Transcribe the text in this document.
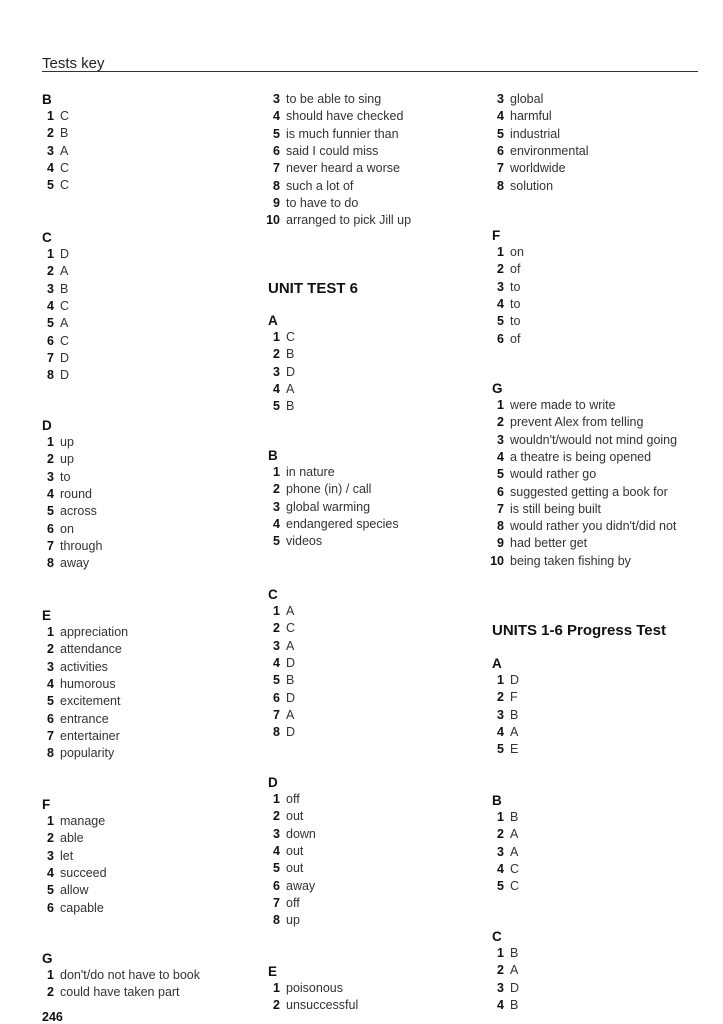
Tests key
B
1 C
2 B
3 A
4 C
5 C
C
1 D
2 A
3 B
4 C
5 A
6 C
7 D
8 D
D
1 up
2 up
3 to
4 round
5 across
6 on
7 through
8 away
E
1 appreciation
2 attendance
3 activities
4 humorous
5 excitement
6 entrance
7 entertainer
8 popularity
F
1 manage
2 able
3 let
4 succeed
5 allow
6 capable
G
1 don't/do not have to book
2 could have taken part
3 to be able to sing
4 should have checked
5 is much funnier than
6 said I could miss
7 never heard a worse
8 such a lot of
9 to have to do
10 arranged to pick Jill up
UNIT TEST 6
A
1 C
2 B
3 D
4 A
5 B
B
1 in nature
2 phone (in) / call
3 global warming
4 endangered species
5 videos
C
1 A
2 C
3 A
4 D
5 B
6 D
7 A
8 D
D
1 off
2 out
3 down
4 out
5 out
6 away
7 off
8 up
E
1 poisonous
2 unsuccessful
3 global
4 harmful
5 industrial
6 environmental
7 worldwide
8 solution
F
1 on
2 of
3 to
4 to
5 to
6 of
G
1 were made to write
2 prevent Alex from telling
3 wouldn't/would not mind going
4 a theatre is being opened
5 would rather go
6 suggested getting a book for
7 is still being built
8 would rather you didn't/did not
9 had better get
10 being taken fishing by
UNITS 1-6 Progress Test
A
1 D
2 F
3 B
4 A
5 E
B
1 B
2 A
3 A
4 C
5 C
C
1 B
2 A
3 D
4 B
246
